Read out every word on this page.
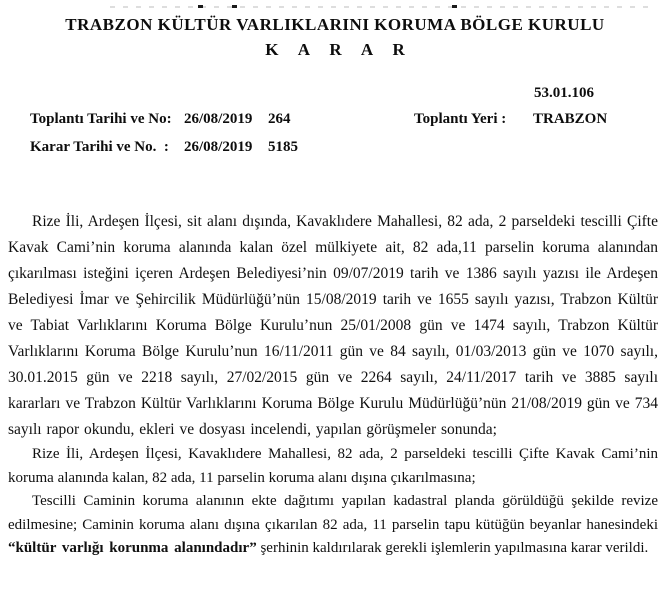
TRABZON KÜLTÜR VARLIKLARINI KORUMA BÖLGE KURULU
K A R A R
53.01.106
Toplantı Tarihi ve No: 26/08/2019 264	Toplantı Yeri : TRABZON
Karar Tarihi ve No.  : 26/08/2019 5185

Rize İli, Ardeşen İlçesi, sit alanı dışında, Kavaklıdere Mahallesi, 82 ada, 2 parseldeki tescilli Çifte Kavak Cami’nin koruma alanında kalan özel mülkiyete ait, 82 ada,11 parselin koruma alanından çıkarılması isteğini içeren Ardeşen Belediyesi’nin 09/07/2019 tarih ve 1386 sayılı yazısı ile Ardeşen Belediyesi İmar ve Şehircilik Müdürlüğü’nün 15/08/2019 tarih ve 1655 sayılı yazısı, Trabzon Kültür ve Tabiat Varlıklarını Koruma Bölge Kurulu’nun 25/01/2008 gün ve 1474 sayılı, Trabzon Kültür Varlıklarını Koruma Bölge Kurulu’nun 16/11/2011 gün ve 84 sayılı, 01/03/2013 gün ve 1070 sayılı, 30.01.2015 gün ve 2218 sayılı, 27/02/2015 gün ve 2264 sayılı, 24/11/2017 tarih ve 3885 sayılı kararları ve Trabzon Kültür Varlıklarını Koruma Bölge Kurulu Müdürlüğü’nün 21/08/2019 gün ve 734 sayılı rapor okundu, ekleri ve dosyası incelendi, yapılan görüşmeler sonunda;

Rize İli, Ardeşen İlçesi, Kavaklıdere Mahallesi, 82 ada, 2 parseldeki tescilli Çifte Kavak Cami’nin koruma alanında kalan, 82 ada, 11 parselin koruma alanı dışına çıkarılmasına;

Tescilli Caminin koruma alanının ekte dağıtımı yapılan kadastral planda görüldüğü şekilde revize edilmesine; Caminin koruma alanı dışına çıkarılan 82 ada, 11 parselin tapu kütüğün beyanlar hanesindeki “kültür varlığı korunma alanındadır” şerhinin kaldırılarak gerekli işlemlerin yapılmasına karar verildi.
